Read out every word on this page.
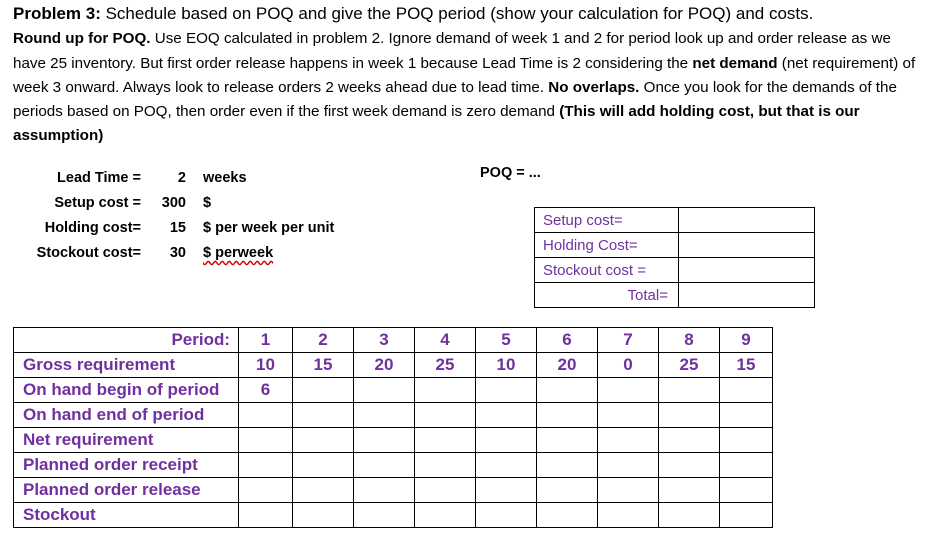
Problem 3: Schedule based on POQ and give the POQ period (show your calculation for POQ) and costs.
Round up for POQ. Use EOQ calculated in problem 2. Ignore demand of week 1 and 2 for period look up and order release as we have 25 inventory. But first order release happens in week 1 because Lead Time is 2 considering the net demand (net requirement) of week 3 onward. Always look to release orders 2 weeks ahead due to lead time. No overlaps. Once you look for the demands of the periods based on POQ, then order even if the first week demand is zero demand (This will add holding cost, but that is our assumption)
Lead Time =	2 weeks
Setup cost =	300 $
Holding cost=	15 $ per week per unit
Stockout cost=	30 $ perweek
POQ = ...
Setup cost=	
Holding Cost=	
Stockout cost =	
Total=	
Period:	1	2	3	4	5	6	7	8	9
Gross requirement	10	15	20	25	10	20	0	25	15
On hand begin of period	6								
On hand end of period									
Net requirement									
Planned order receipt									
Planned order release									
Stockout									
